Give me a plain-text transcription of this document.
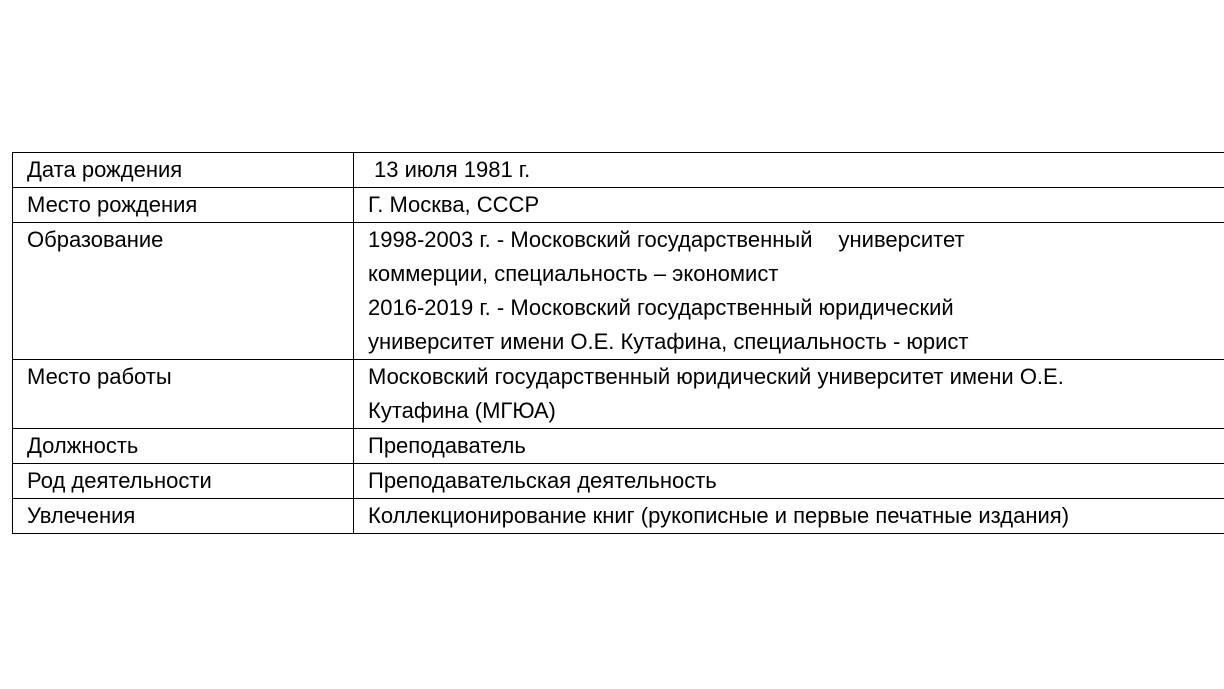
Дата рождения	13 июля 1981 г.

Место рождения	Г. Москва, СССР
Образование	1998-2003 г. - Московский государственный университет
коммерции, специальность – экономист
2016-2019 г. - Московский государственный юридический
университет имени О.Е. Кутафина, специальность - юрист

Место работы	Московский государственный юридический университет имени О.Е.
Кутафина (МГЮА)

Должность	Преподаватель
Род деятельности	Преподавательская деятельность
Увлечения	Коллекционирование книг (рукописные и первые печатные издания)
